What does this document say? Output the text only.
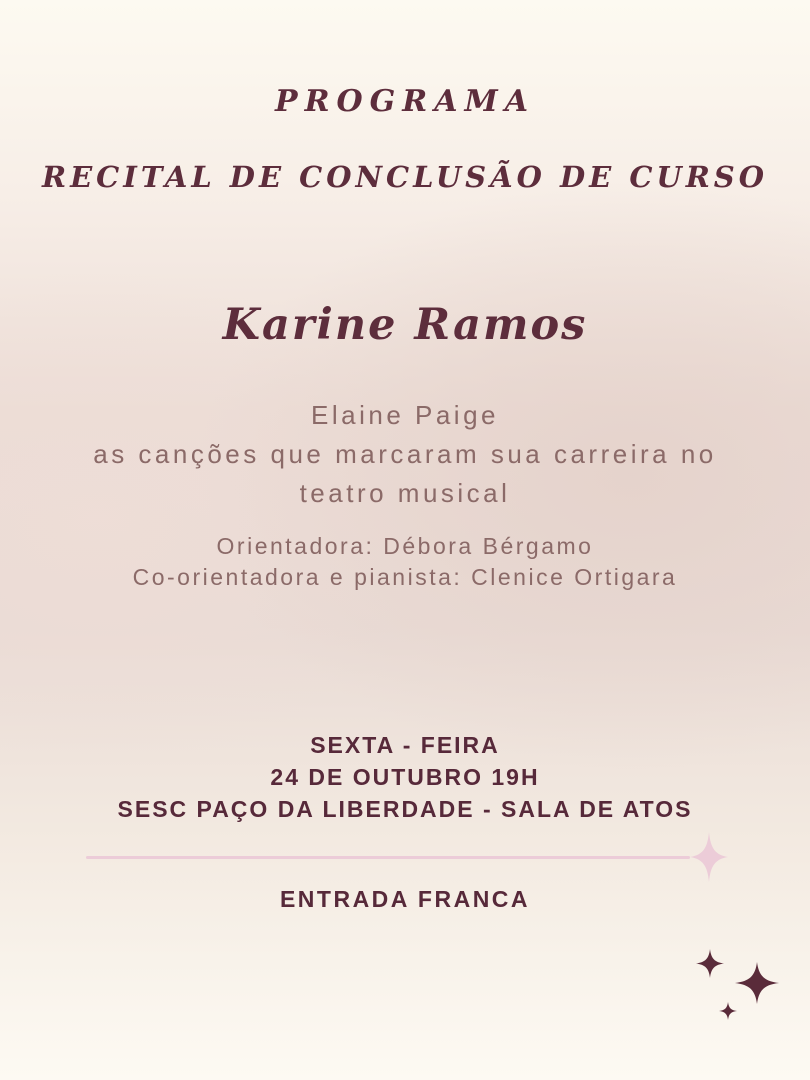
PROGRAMA
RECITAL DE CONCLUSÃO DE CURSO
Karine Ramos
Elaine Paige
as canções que marcaram sua carreira no
teatro musical
Orientadora: Débora Bérgamo
Co-orientadora e pianista: Clenice Ortigara
SEXTA - FEIRA
24 DE OUTUBRO 19H
SESC PAÇO DA LIBERDADE - SALA DE ATOS
ENTRADA FRANCA
